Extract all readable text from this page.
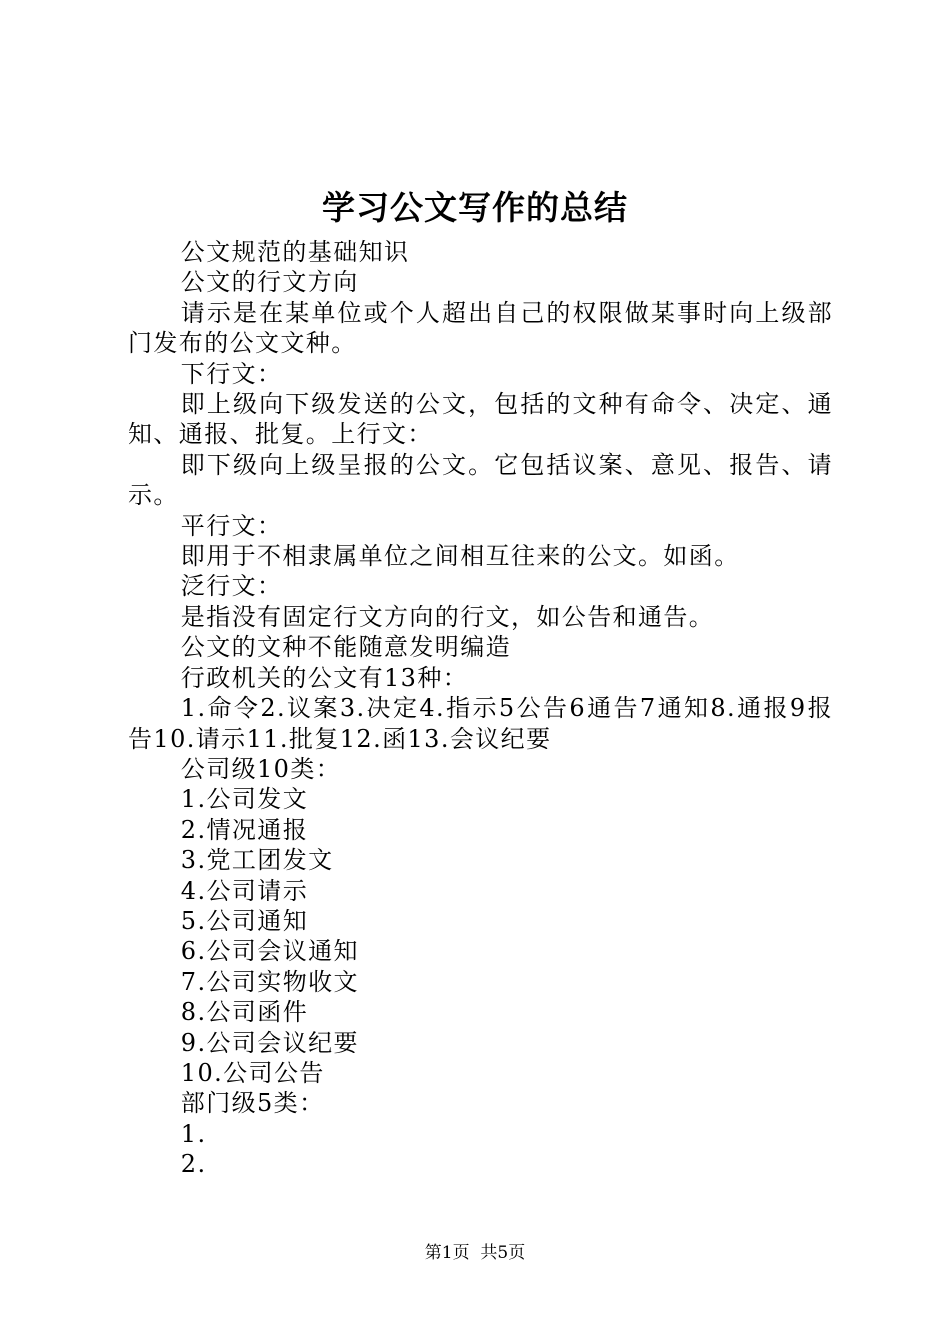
学习公文写作的总结

公文规范的基础知识

公文的行文方向

请示是在某单位或个人超出自己的权限做某事时向上级部门发布的公文文种。

下行文：

即上级向下级发送的公文，包括的文种有命令、决定、通知、通报、批复。上行文：

即下级向上级呈报的公文。它包括议案、意见、报告、请示。

平行文：

即用于不相隶属单位之间相互往来的公文。如函。

泛行文：

是指没有固定行文方向的行文，如公告和通告。

公文的文种不能随意发明编造

行政机关的公文有13种：

1.命令2.议案3.决定4.指示5公告6通告7通知8.通报9报告10.请示11.批复12.函13.会议纪要

公司级10类：

1.公司发文

2.情况通报

3.党工团发文

4.公司请示

5.公司通知

6.公司会议通知

7.公司实物收文

8.公司函件

9.公司会议纪要

10.公司公告

部门级5类：

1.

2.

第1页 共5页
